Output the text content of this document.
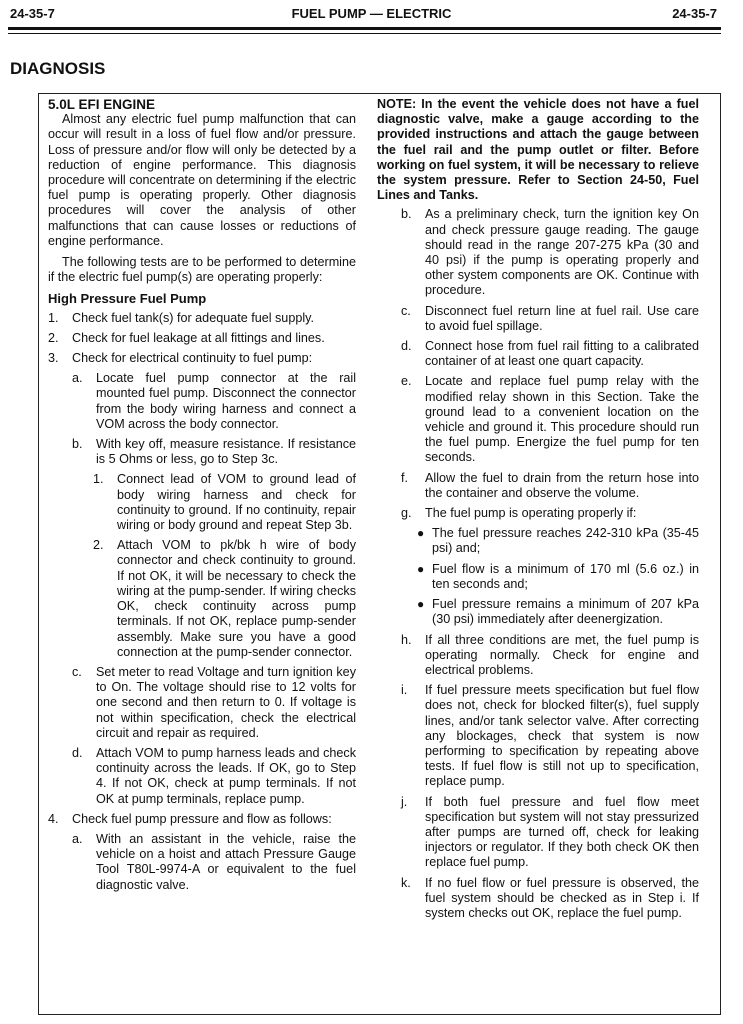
24-35-7	FUEL PUMP — ELECTRIC	24-35-7
DIAGNOSIS

5.0L EFI ENGINE

Almost any electric fuel pump malfunction that can occur will result in a loss of fuel flow and/or pressure. Loss of pressure and/or flow will only be detected by a reduction of engine performance. This diagnosis procedure will concentrate on determining if the electric fuel pump is operating properly. Other diagnosis procedures will cover the analysis of other malfunctions that can cause losses or reductions of engine performance.

The following tests are to be performed to determine if the electric fuel pump(s) are operating properly:

High Pressure Fuel Pump

1.	Check fuel tank(s) for adequate fuel supply.
2.	Check for fuel leakage at all fittings and lines.
3.	Check for electrical continuity to fuel pump:
a.	Locate fuel pump connector at the rail mounted fuel pump. Disconnect the connector from the body wiring harness and connect a VOM across the body connector.
b.	With key off, measure resistance. If resistance is 5 Ohms or less, go to Step 3c.
1.	Connect lead of VOM to ground lead of body wiring harness and check for continuity to ground. If no continuity, repair wiring or body ground and repeat Step 3b.
2.	Attach VOM to pk/bk h wire of body connector and check continuity to ground. If not OK, it will be necessary to check the wiring at the pump-sender. If wiring checks OK, check continuity across pump terminals. If not OK, replace pump-sender assembly. Make sure you have a good connection at the pump-sender connector.
c.	Set meter to read Voltage and turn ignition key to On. The voltage should rise to 12 volts for one second and then return to 0. If voltage is not within specification, check the electrical circuit and repair as required.
d.	Attach VOM to pump harness leads and check continuity across the leads. If OK, go to Step 4. If not OK, check at pump terminals. If not OK at pump terminals, replace pump.
4.	Check fuel pump pressure and flow as follows:
a.	With an assistant in the vehicle, raise the vehicle on a hoist and attach Pressure Gauge Tool T80L-9974-A or equivalent to the fuel diagnostic valve.

NOTE: In the event the vehicle does not have a fuel diagnostic valve, make a gauge according to the provided instructions and attach the gauge between the fuel rail and the pump outlet or filter. Before working on fuel system, it will be necessary to relieve the system pressure. Refer to Section 24-50, Fuel Lines and Tanks.

b.	As a preliminary check, turn the ignition key On and check pressure gauge reading. The gauge should read in the range 207-275 kPa (30 and 40 psi) if the pump is operating properly and other system components are OK. Continue with procedure.
c.	Disconnect fuel return line at fuel rail. Use care to avoid fuel spillage.
d.	Connect hose from fuel rail fitting to a calibrated container of at least one quart capacity.
e.	Locate and replace fuel pump relay with the modified relay shown in this Section. Take the ground lead to a convenient location on the vehicle and ground it. This procedure should run the fuel pump. Energize the fuel pump for ten seconds.
f.	Allow the fuel to drain from the return hose into the container and observe the volume.
g.	The fuel pump is operating properly if:
● The fuel pressure reaches 242-310 kPa (35-45 psi) and;
● Fuel flow is a minimum of 170 ml (5.6 oz.) in ten seconds and;
● Fuel pressure remains a minimum of 207 kPa (30 psi) immediately after deenergization.
h.	If all three conditions are met, the fuel pump is operating normally. Check for engine and electrical problems.
i.	If fuel pressure meets specification but fuel flow does not, check for blocked filter(s), fuel supply lines, and/or tank selector valve. After correcting any blockages, check that system is now performing to specification by repeating above tests. If fuel flow is still not up to specification, replace pump.
j.	If both fuel pressure and fuel flow meet specification but system will not stay pressurized after pumps are turned off, check for leaking injectors or regulator. If they both check OK then replace fuel pump.
k.	If no fuel flow or fuel pressure is observed, the fuel system should be checked as in Step i. If system checks out OK, replace the fuel pump.
